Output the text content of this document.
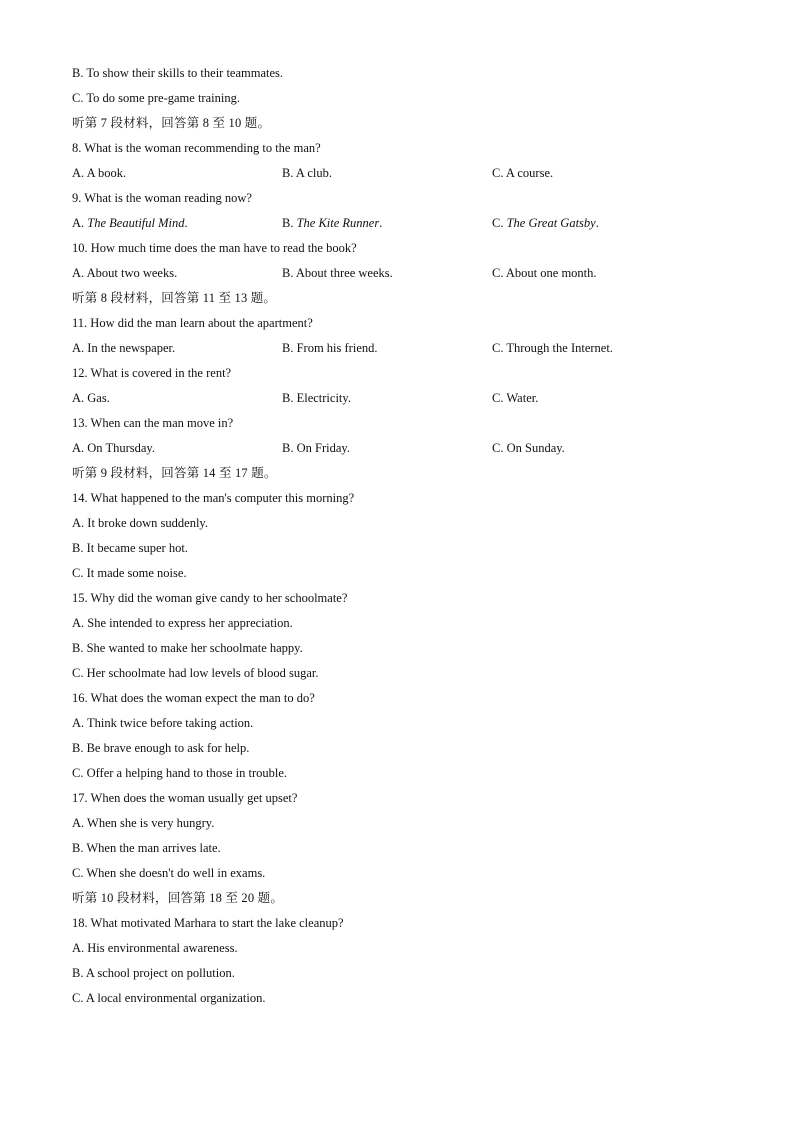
B. To show their skills to their teammates.
C. To do some pre-game training.
听第 7 段材料，回答第 8 至 10 题。
8. What is the woman recommending to the man?
A. A book.	B. A club.	C. A course.
9. What is the woman reading now?
A. The Beautiful Mind.	B. The Kite Runner.	C. The Great Gatsby.
10. How much time does the man have to read the book?
A. About two weeks.	B. About three weeks.	C. About one month.
听第 8 段材料，回答第 11 至 13 题。
11. How did the man learn about the apartment?
A. In the newspaper.	B. From his friend.	C. Through the Internet.
12. What is covered in the rent?
A. Gas.	B. Electricity.	C. Water.
13. When can the man move in?
A. On Thursday.	B. On Friday.	C. On Sunday.
听第 9 段材料，回答第 14 至 17 题。
14. What happened to the man's computer this morning?
A. It broke down suddenly.
B. It became super hot.
C. It made some noise.
15. Why did the woman give candy to her schoolmate?
A. She intended to express her appreciation.
B. She wanted to make her schoolmate happy.
C. Her schoolmate had low levels of blood sugar.
16. What does the woman expect the man to do?
A. Think twice before taking action.
B. Be brave enough to ask for help.
C. Offer a helping hand to those in trouble.
17. When does the woman usually get upset?
A. When she is very hungry.
B. When the man arrives late.
C. When she doesn't do well in exams.
听第 10 段材料，回答第 18 至 20 题。
18. What motivated Marhara to start the lake cleanup?
A. His environmental awareness.
B. A school project on pollution.
C. A local environmental organization.
